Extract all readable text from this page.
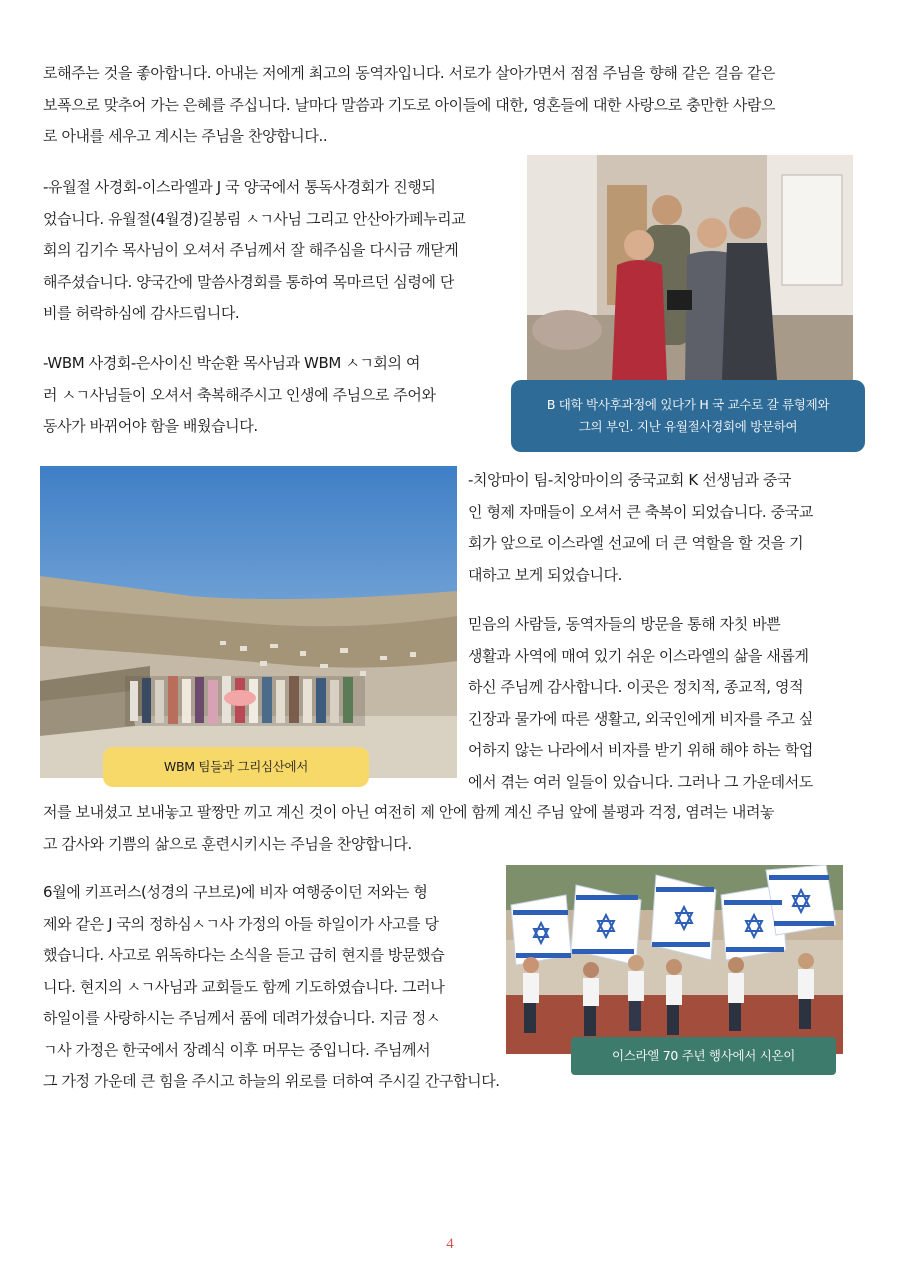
로해주는 것을 좋아합니다. 아내는 저에게 최고의 동역자입니다. 서로가 살아가면서 점점 주님을 향해 같은 걸음 같은
보폭으로 맞추어 가는 은혜를 주십니다. 날마다 말씀과 기도로 아이들에 대한, 영혼들에 대한 사랑으로 충만한 사람으
로 아내를 세우고 계시는 주님을 찬양합니다..

-유월절 사경회-이스라엘과 J 국 양국에서 통독사경회가 진행되
었습니다. 유월절(4월경)길봉림 ㅅㄱ사님 그리고 안산아가페누리교
회의 김기수 목사님이 오셔서 주님께서 잘 해주심을 다시금 깨닫게
해주셨습니다. 양국간에 말씀사경회를 통하여 목마르던 심령에 단
비를 허락하심에 감사드립니다.

-WBM 사경회-은사이신 박순환 목사님과 WBM ㅅㄱ회의 여
러 ㅅㄱ사님들이 오셔서 축복해주시고 인생에 주님으로 주어와
동사가 바뀌어야 함을 배웠습니다.

-치앙마이 팀-치앙마이의 중국교회 K 선생님과 중국
인 형제 자매들이 오셔서 큰 축복이 되었습니다. 중국교
회가 앞으로 이스라엘 선교에 더 큰 역할을 할 것을 기
대하고 보게 되었습니다.

믿음의 사람들, 동역자들의 방문을 통해 자칫 바쁜
생활과 사역에 매여 있기 쉬운 이스라엘의 삶을 새롭게
하신 주님께 감사합니다. 이곳은 정치적, 종교적, 영적
긴장과 물가에 따른 생활고, 외국인에게 비자를 주고 싶
어하지 않는 나라에서 비자를 받기 위해 해야 하는 학업
에서 겪는 여러 일들이 있습니다. 그러나 그 가운데서도

저를 보내셨고 보내놓고 팔짱만 끼고 계신 것이 아닌 여전히 제 안에 함께 계신 주님 앞에 불평과 걱정, 염려는 내려놓
고 감사와 기쁨의 삶으로 훈련시키시는 주님을 찬양합니다.

6월에 키프러스(성경의 구브로)에 비자 여행중이던 저와는 형
제와 같은 J 국의 정하심ㅅㄱ사 가정의 아들 하일이가 사고를 당
했습니다. 사고로 위독하다는 소식을 듣고 급히 현지를 방문했습
니다. 현지의 ㅅㄱ사님과 교회들도 함께 기도하였습니다. 그러나
하일이를 사랑하시는 주님께서 품에 데려가셨습니다. 지금 정ㅅ
ㄱ사 가정은 한국에서 장례식 이후 머무는 중입니다. 주님께서
그 가정 가운데 큰 힘을 주시고 하늘의 위로를 더하여 주시길 간구합니다.

B 대학 박사후과정에 있다가 H 국 교수로 갈 류형제와
그의 부인. 지난 유월절사경회에 방문하여
WBM 팀들과 그리심산에서
이스라엘 70 주년 행사에서 시온이
4
